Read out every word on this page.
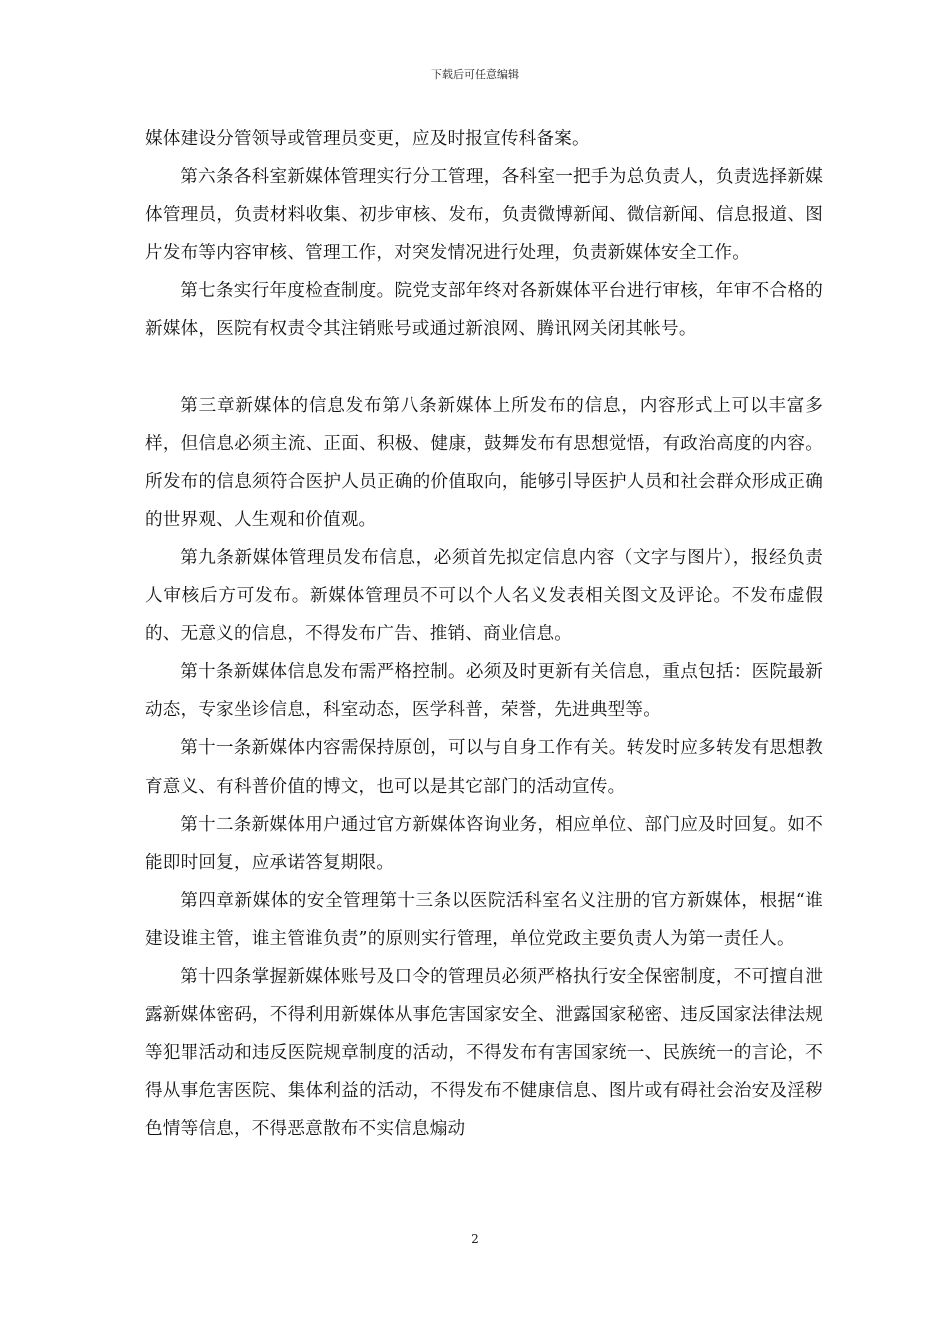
下载后可任意编辑

媒体建设分管领导或管理员变更，应及时报宣传科备案。

第六条各科室新媒体管理实行分工管理，各科室一把手为总负责人，负责选择新媒体管理员，负责材料收集、初步审核、发布，负责微博新闻、微信新闻、信息报道、图片发布等内容审核、管理工作，对突发情况进行处理，负责新媒体安全工作。

第七条实行年度检查制度。院党支部年终对各新媒体平台进行审核，年审不合格的新媒体，医院有权责令其注销账号或通过新浪网、腾讯网关闭其帐号。

第三章新媒体的信息发布第八条新媒体上所发布的信息，内容形式上可以丰富多样，但信息必须主流、正面、积极、健康，鼓舞发布有思想觉悟，有政治高度的内容。所发布的信息须符合医护人员正确的价值取向，能够引导医护人员和社会群众形成正确的世界观、人生观和价值观。

第九条新媒体管理员发布信息，必须首先拟定信息内容（文字与图片），报经负责人审核后方可发布。新媒体管理员不可以个人名义发表相关图文及评论。不发布虚假的、无意义的信息，不得发布广告、推销、商业信息。

第十条新媒体信息发布需严格控制。必须及时更新有关信息，重点包括：医院最新动态，专家坐诊信息，科室动态，医学科普，荣誉，先进典型等。

第十一条新媒体内容需保持原创，可以与自身工作有关。转发时应多转发有思想教育意义、有科普价值的博文，也可以是其它部门的活动宣传。

第十二条新媒体用户通过官方新媒体咨询业务，相应单位、部门应及时回复。如不能即时回复，应承诺答复期限。

第四章新媒体的安全管理第十三条以医院活科室名义注册的官方新媒体，根据“谁建设谁主管，谁主管谁负责”的原则实行管理，单位党政主要负责人为第一责任人。

第十四条掌握新媒体账号及口令的管理员必须严格执行安全保密制度，不可擅自泄露新媒体密码，不得利用新媒体从事危害国家安全、泄露国家秘密、违反国家法律法规等犯罪活动和违反医院规章制度的活动，不得发布有害国家统一、民族统一的言论，不得从事危害医院、集体利益的活动，不得发布不健康信息、图片或有碍社会治安及淫秽色情等信息，不得恶意散布不实信息煽动

2
